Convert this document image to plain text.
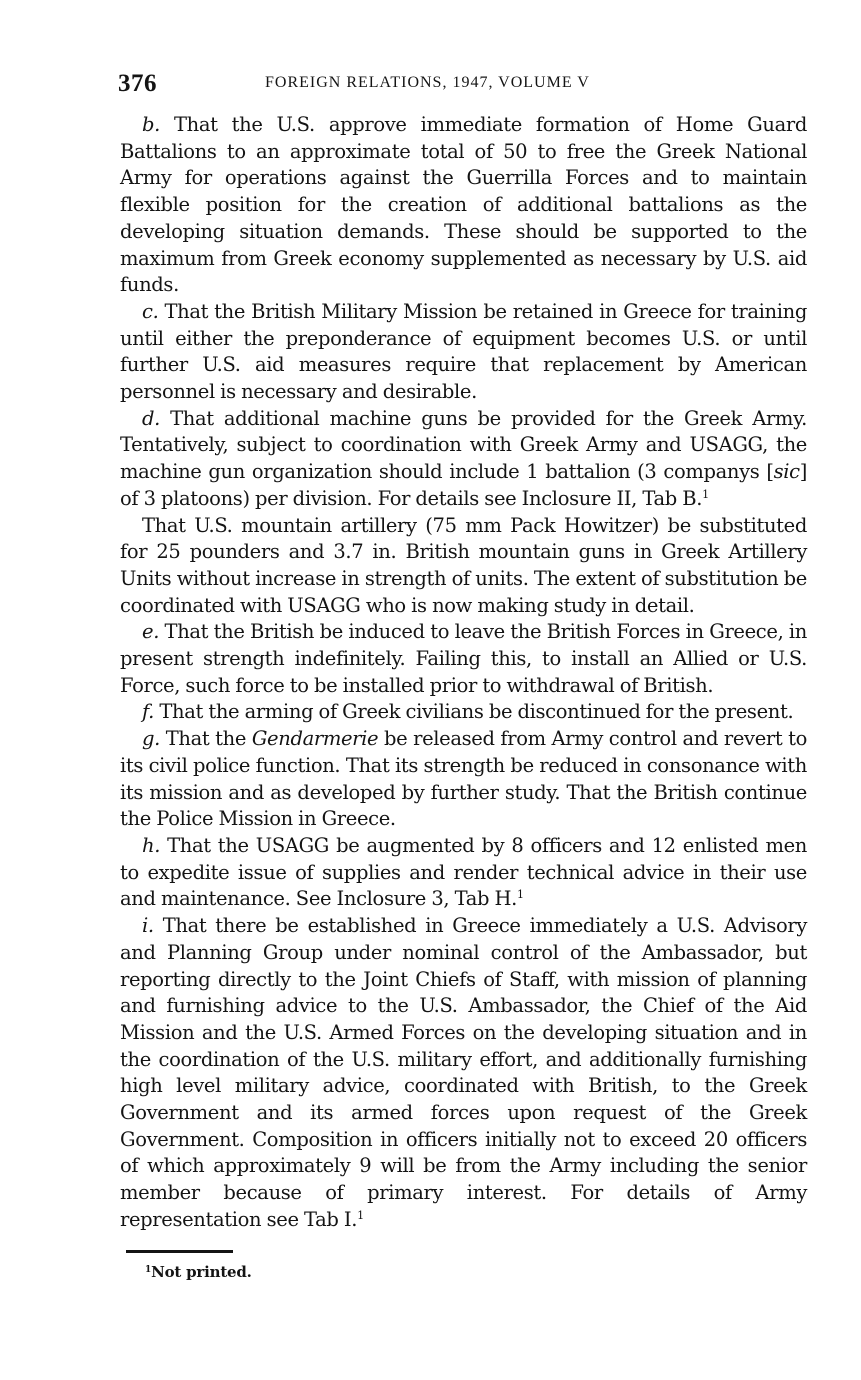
376	FOREIGN RELATIONS, 1947, VOLUME V

b. That the U.S. approve immediate formation of Home Guard Battalions to an approximate total of 50 to free the Greek National Army for operations against the Guerrilla Forces and to maintain flexible position for the creation of additional battalions as the developing situation demands. These should be supported to the maximum from Greek economy supplemented as necessary by U.S. aid funds.

c. That the British Military Mission be retained in Greece for training until either the preponderance of equipment becomes U.S. or until further U.S. aid measures require that replacement by American personnel is necessary and desirable.

d. That additional machine guns be provided for the Greek Army. Tentatively, subject to coordination with Greek Army and USAGG, the machine gun organization should include 1 battalion (3 companys [sic] of 3 platoons) per division. For details see Inclosure II, Tab B.$^1$

That U.S. mountain artillery (75 mm Pack Howitzer) be substituted for 25 pounders and 3.7 in. British mountain guns in Greek Artillery Units without increase in strength of units. The extent of substitution be coordinated with USAGG who is now making study in detail.

e. That the British be induced to leave the British Forces in Greece, in present strength indefinitely. Failing this, to install an Allied or U.S. Force, such force to be installed prior to withdrawal of British.

f. That the arming of Greek civilians be discontinued for the present.

g. That the Gendarmerie be released from Army control and revert to its civil police function. That its strength be reduced in consonance with its mission and as developed by further study. That the British continue the Police Mission in Greece.

h. That the USAGG be augmented by 8 officers and 12 enlisted men to expedite issue of supplies and render technical advice in their use and maintenance. See Inclosure 3, Tab H.$^1$

i. That there be established in Greece immediately a U.S. Advisory and Planning Group under nominal control of the Ambassador, but reporting directly to the Joint Chiefs of Staff, with mission of planning and furnishing advice to the U.S. Ambassador, the Chief of the Aid Mission and the U.S. Armed Forces on the developing situation and in the coordination of the U.S. military effort, and additionally furnishing high level military advice, coordinated with British, to the Greek Government and its armed forces upon request of the Greek Government. Composition in officers initially not to exceed 20 officers of which approximately 9 will be from the Army including the senior member because of primary interest. For details of Army representation see Tab I.$^1$

$^1$Not printed.
